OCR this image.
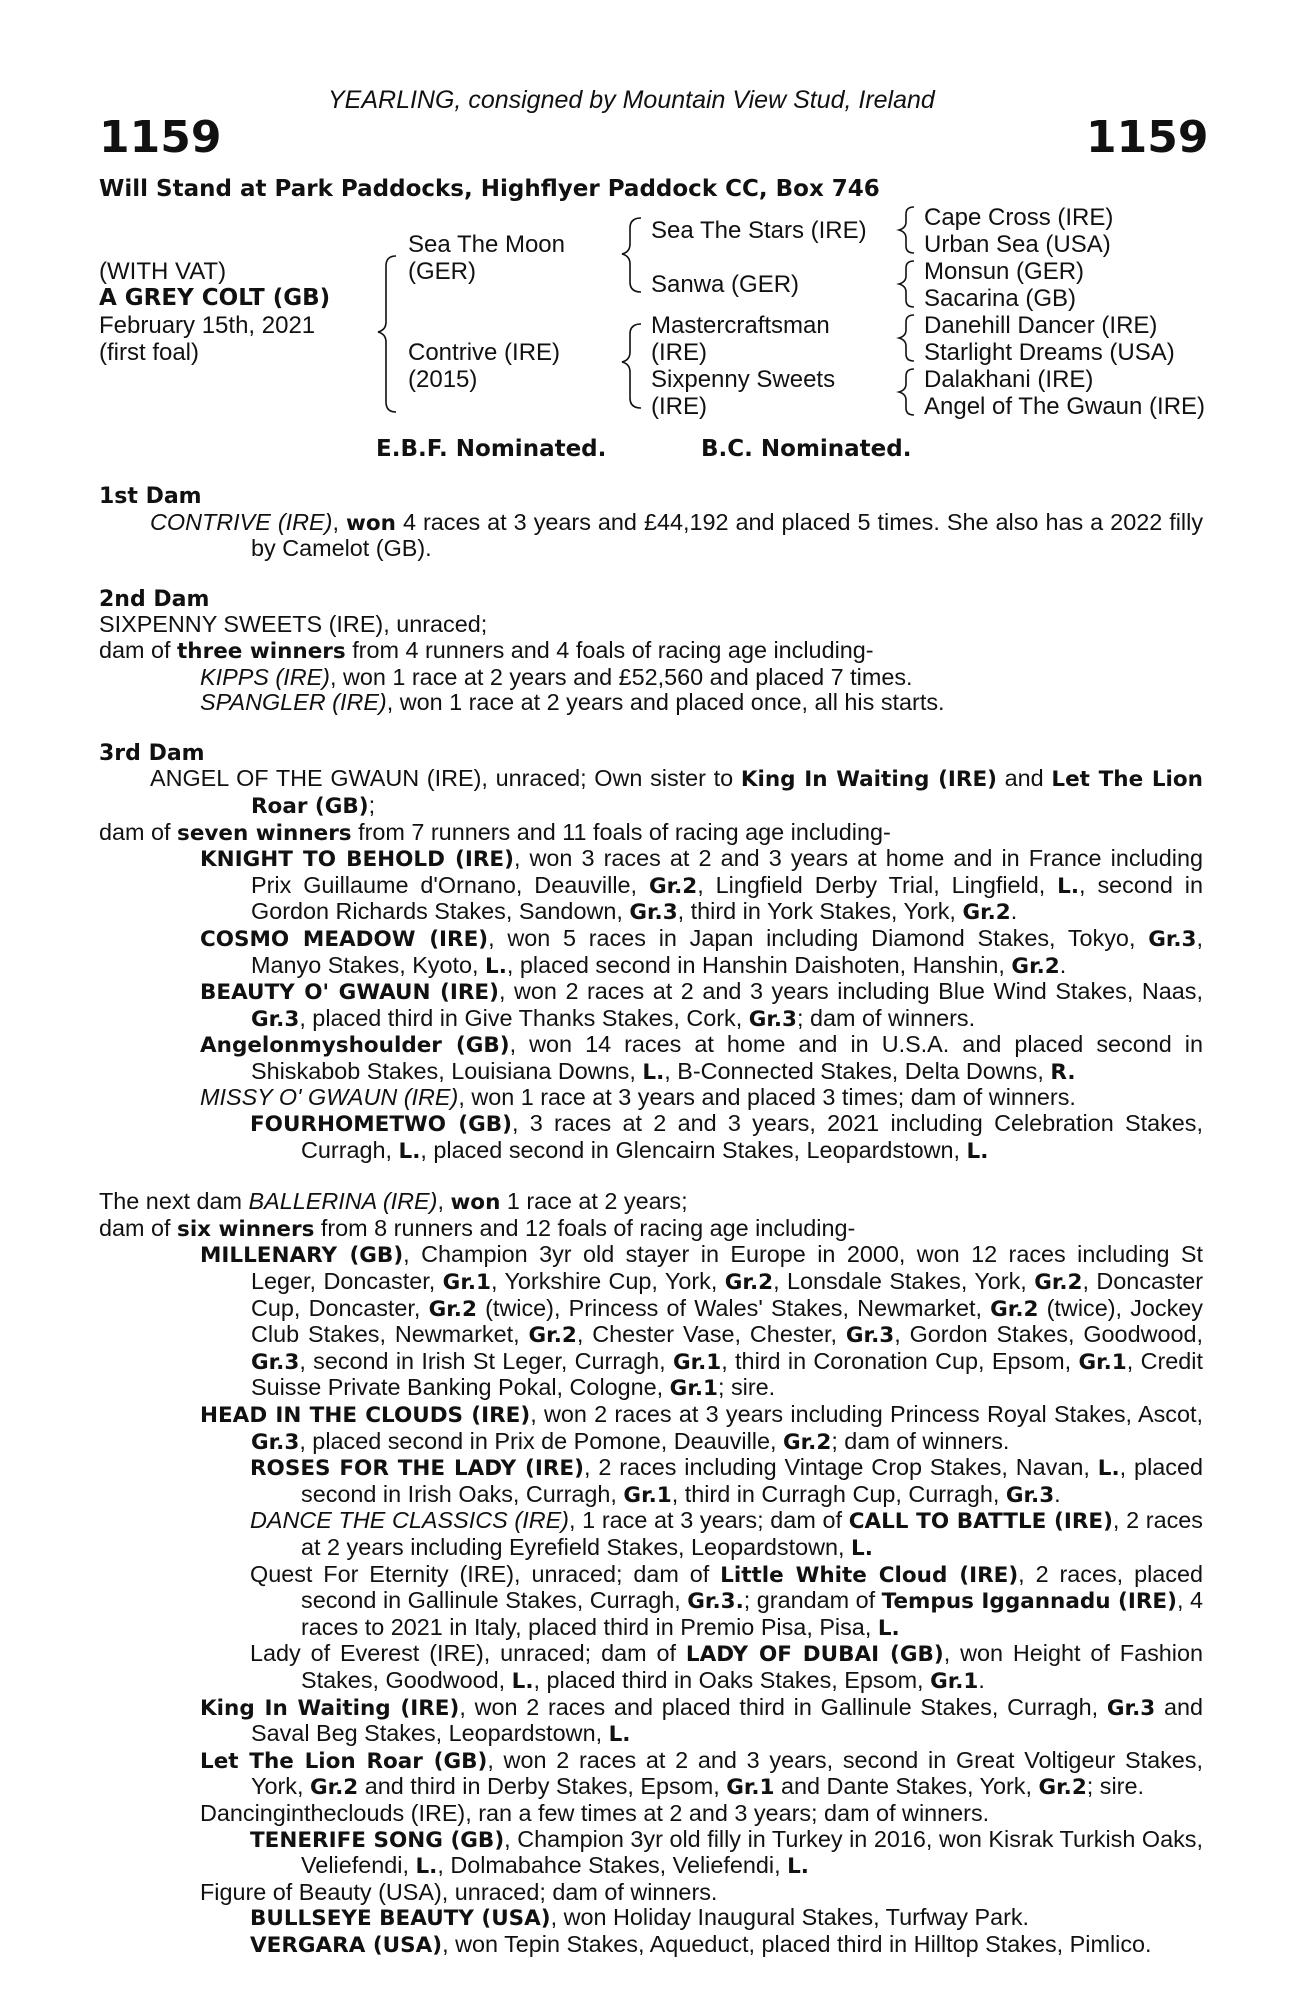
YEARLING, consigned by Mountain View Stud, Ireland
1159	1159
Will Stand at Park Paddocks, Highflyer Paddock CC, Box 746
(WITH VAT)
A GREY COLT (GB)
February 15th, 2021
(first foal)
Sea The Moon
(GER)
Contrive (IRE)
(2015)
Sea The Stars (IRE)
Sanwa (GER)
Mastercraftsman
(IRE)
Sixpenny Sweets
(IRE)
Cape Cross (IRE)
Urban Sea (USA)
Monsun (GER)
Sacarina (GB)
Danehill Dancer (IRE)
Starlight Dreams (USA)
Dalakhani (IRE)
Angel of The Gwaun (IRE)
E.B.F. Nominated.	B.C. Nominated.
1st Dam
CONTRIVE (IRE), won 4 races at 3 years and £44,192 and placed 5 times. She also has a 2022 filly by Camelot (GB).
2nd Dam
SIXPENNY SWEETS (IRE), unraced;
dam of three winners from 4 runners and 4 foals of racing age including-
KIPPS (IRE), won 1 race at 2 years and £52,560 and placed 7 times.
SPANGLER (IRE), won 1 race at 2 years and placed once, all his starts.
3rd Dam
ANGEL OF THE GWAUN (IRE), unraced; Own sister to King In Waiting (IRE) and Let The Lion Roar (GB);
dam of seven winners from 7 runners and 11 foals of racing age including-
KNIGHT TO BEHOLD (IRE), won 3 races at 2 and 3 years at home and in France including Prix Guillaume d'Ornano, Deauville, Gr.2, Lingfield Derby Trial, Lingfield, L., second in Gordon Richards Stakes, Sandown, Gr.3, third in York Stakes, York, Gr.2.
COSMO MEADOW (IRE), won 5 races in Japan including Diamond Stakes, Tokyo, Gr.3, Manyo Stakes, Kyoto, L., placed second in Hanshin Daishoten, Hanshin, Gr.2.
BEAUTY O' GWAUN (IRE), won 2 races at 2 and 3 years including Blue Wind Stakes, Naas, Gr.3, placed third in Give Thanks Stakes, Cork, Gr.3; dam of winners.
Angelonmyshoulder (GB), won 14 races at home and in U.S.A. and placed second in Shiskabob Stakes, Louisiana Downs, L., B-Connected Stakes, Delta Downs, R.
MISSY O' GWAUN (IRE), won 1 race at 3 years and placed 3 times; dam of winners.
FOURHOMETWO (GB), 3 races at 2 and 3 years, 2021 including Celebration Stakes, Curragh, L., placed second in Glencairn Stakes, Leopardstown, L.
The next dam BALLERINA (IRE), won 1 race at 2 years;
dam of six winners from 8 runners and 12 foals of racing age including-
MILLENARY (GB), Champion 3yr old stayer in Europe in 2000, won 12 races including St Leger, Doncaster, Gr.1, Yorkshire Cup, York, Gr.2, Lonsdale Stakes, York, Gr.2, Doncaster Cup, Doncaster, Gr.2 (twice), Princess of Wales' Stakes, Newmarket, Gr.2 (twice), Jockey Club Stakes, Newmarket, Gr.2, Chester Vase, Chester, Gr.3, Gordon Stakes, Goodwood, Gr.3, second in Irish St Leger, Curragh, Gr.1, third in Coronation Cup, Epsom, Gr.1, Credit Suisse Private Banking Pokal, Cologne, Gr.1; sire.
HEAD IN THE CLOUDS (IRE), won 2 races at 3 years including Princess Royal Stakes, Ascot, Gr.3, placed second in Prix de Pomone, Deauville, Gr.2; dam of winners.
ROSES FOR THE LADY (IRE), 2 races including Vintage Crop Stakes, Navan, L., placed second in Irish Oaks, Curragh, Gr.1, third in Curragh Cup, Curragh, Gr.3.
DANCE THE CLASSICS (IRE), 1 race at 3 years; dam of CALL TO BATTLE (IRE), 2 races at 2 years including Eyrefield Stakes, Leopardstown, L.
Quest For Eternity (IRE), unraced; dam of Little White Cloud (IRE), 2 races, placed second in Gallinule Stakes, Curragh, Gr.3.; grandam of Tempus Iggannadu (IRE), 4 races to 2021 in Italy, placed third in Premio Pisa, Pisa, L.
Lady of Everest (IRE), unraced; dam of LADY OF DUBAI (GB), won Height of Fashion Stakes, Goodwood, L., placed third in Oaks Stakes, Epsom, Gr.1.
King In Waiting (IRE), won 2 races and placed third in Gallinule Stakes, Curragh, Gr.3 and Saval Beg Stakes, Leopardstown, L.
Let The Lion Roar (GB), won 2 races at 2 and 3 years, second in Great Voltigeur Stakes, York, Gr.2 and third in Derby Stakes, Epsom, Gr.1 and Dante Stakes, York, Gr.2; sire.
Dancingintheclouds (IRE), ran a few times at 2 and 3 years; dam of winners.
TENERIFE SONG (GB), Champion 3yr old filly in Turkey in 2016, won Kisrak Turkish Oaks, Veliefendi, L., Dolmabahce Stakes, Veliefendi, L.
Figure of Beauty (USA), unraced; dam of winners.
BULLSEYE BEAUTY (USA), won Holiday Inaugural Stakes, Turfway Park.
VERGARA (USA), won Tepin Stakes, Aqueduct, placed third in Hilltop Stakes, Pimlico.
